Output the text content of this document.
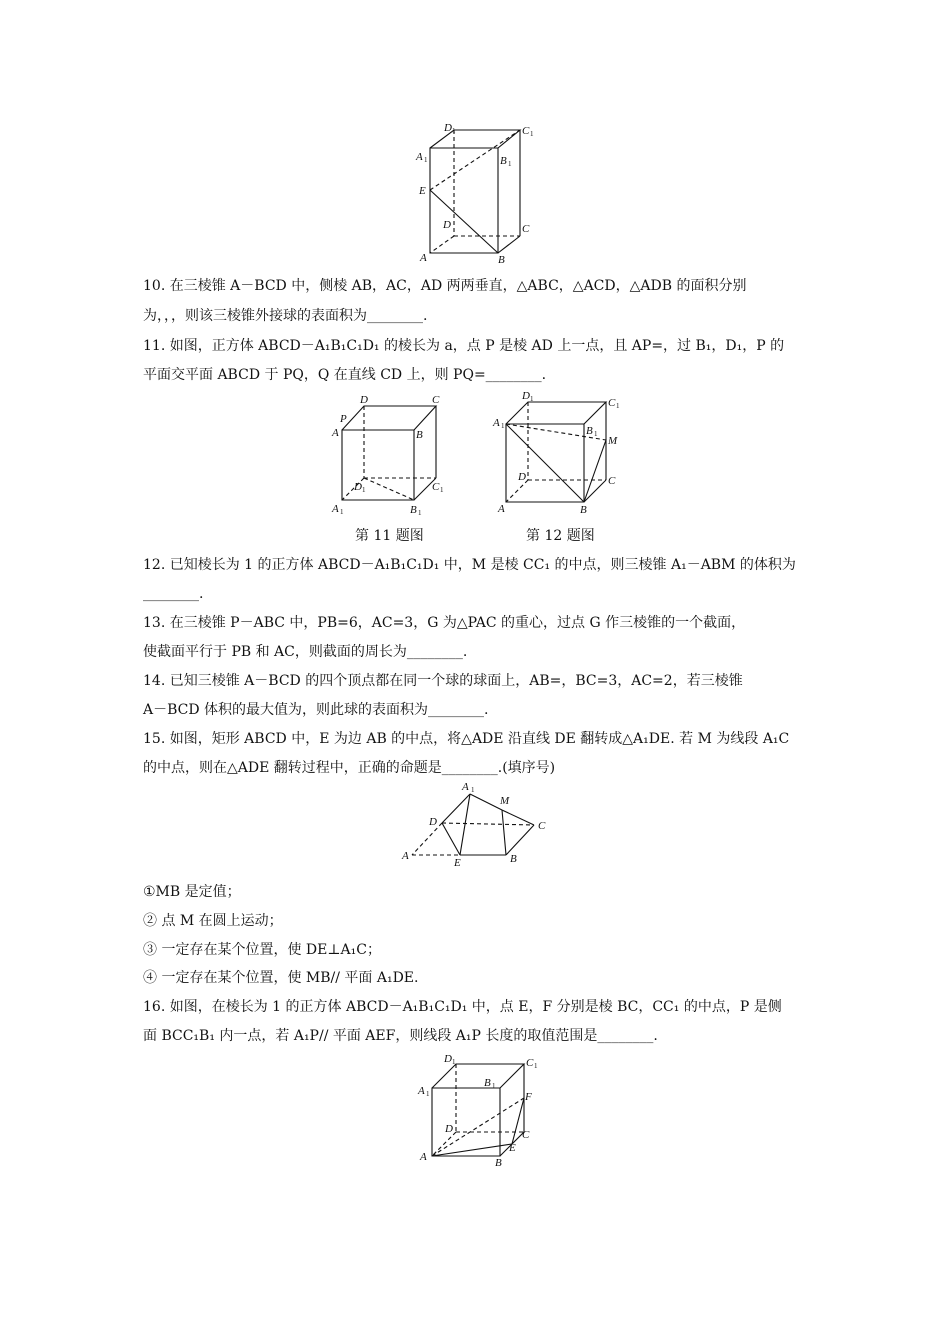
D 1	C 1
A 1	B 1
E
D	C
A	B
10. 在三棱锥 A－BCD 中，侧棱 AB，AC，AD 两两垂直，△ABC，△ACD，△ADB 的面积分别
为，，，则该三棱锥外接球的表面积为________.
11. 如图，正方体 ABCD－A₁B₁C₁D₁ 的棱长为 a，点 P 是棱 AD 上一点，且 AP=，过 B₁，D₁，P 的
平面交平面 ABCD 于 PQ，Q 在直线 CD 上，则 PQ=________.
D	C
P
A	B
D 1	C 1
A 1	B 1
第 11 题图
D 1	C 1
A 1	B 1
M
D	C
A	B
第 12 题图
12. 已知棱长为 1 的正方体 ABCD－A₁B₁C₁D₁ 中，M 是棱 CC₁ 的中点，则三棱锥 A₁－ABM 的体积为
________.
13. 在三棱锥 P－ABC 中，PB=6，AC=3，G 为△PAC 的重心，过点 G 作三棱锥的一个截面，
使截面平行于 PB 和 AC，则截面的周长为________.
14. 已知三棱锥 A－BCD 的四个顶点都在同一个球的球面上，AB=，BC=3，AC=2，若三棱锥
A－BCD 体积的最大值为，则此球的表面积为________.
15. 如图，矩形 ABCD 中，E 为边 AB 的中点，将△ADE 沿直线 DE 翻转成△A₁DE. 若 M 为线段 A₁C
的中点，则在△ADE 翻转过程中，正确的命题是________.(填序号)
A 1
M
D	C
A
E	B
①MB 是定值；
② 点 M 在圆上运动；
③ 一定存在某个位置，使 DE⊥A₁C；
④ 一定存在某个位置，使 MB// 平面 A₁DE.
16. 如图，在棱长为 1 的正方体 ABCD－A₁B₁C₁D₁ 中，点 E，F 分别是棱 BC，CC₁ 的中点，P 是侧
面 BCC₁B₁ 内一点，若 A₁P// 平面 AEF，则线段 A₁P 长度的取值范围是________.
D 1	C 1
A 1
B 1
F
D	C
A
E
B
